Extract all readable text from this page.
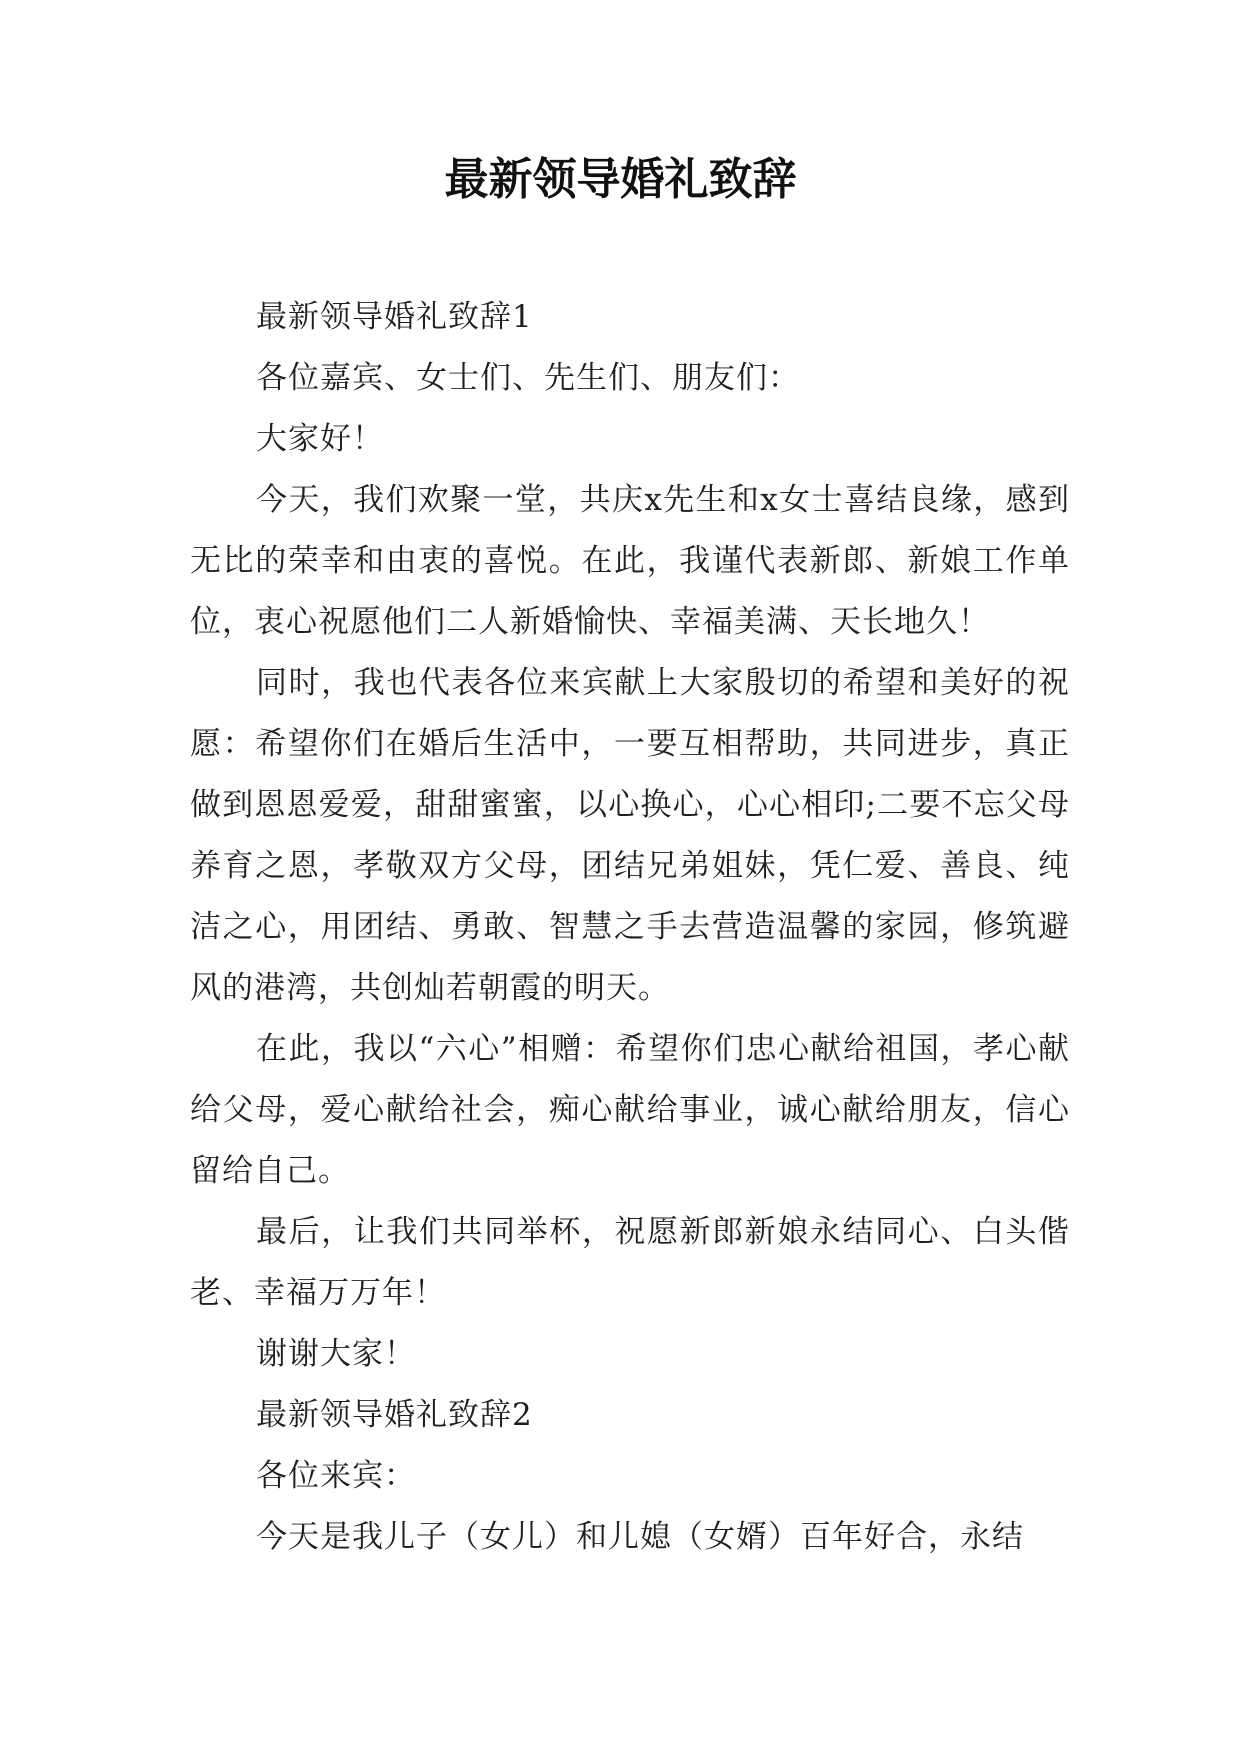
最新领导婚礼致辞

最新领导婚礼致辞1

各位嘉宾、女士们、先生们、朋友们：

大家好！

今天，我们欢聚一堂，共庆x先生和x女士喜结良缘，感到无比的荣幸和由衷的喜悦。在此，我谨代表新郎、新娘工作单位，衷心祝愿他们二人新婚愉快、幸福美满、天长地久！

同时，我也代表各位来宾献上大家殷切的希望和美好的祝愿：希望你们在婚后生活中，一要互相帮助，共同进步，真正做到恩恩爱爱，甜甜蜜蜜，以心换心，心心相印;二要不忘父母养育之恩，孝敬双方父母，团结兄弟姐妹，凭仁爱、善良、纯洁之心，用团结、勇敢、智慧之手去营造温馨的家园，修筑避风的港湾，共创灿若朝霞的明天。

在此，我以“六心”相赠：希望你们忠心献给祖国，孝心献给父母，爱心献给社会，痴心献给事业，诚心献给朋友，信心留给自己。

最后，让我们共同举杯，祝愿新郎新娘永结同心、白头偕老、幸福万万年！

谢谢大家！

最新领导婚礼致辞2

各位来宾：

今天是我儿子（女儿）和儿媳（女婿）百年好合，永结
